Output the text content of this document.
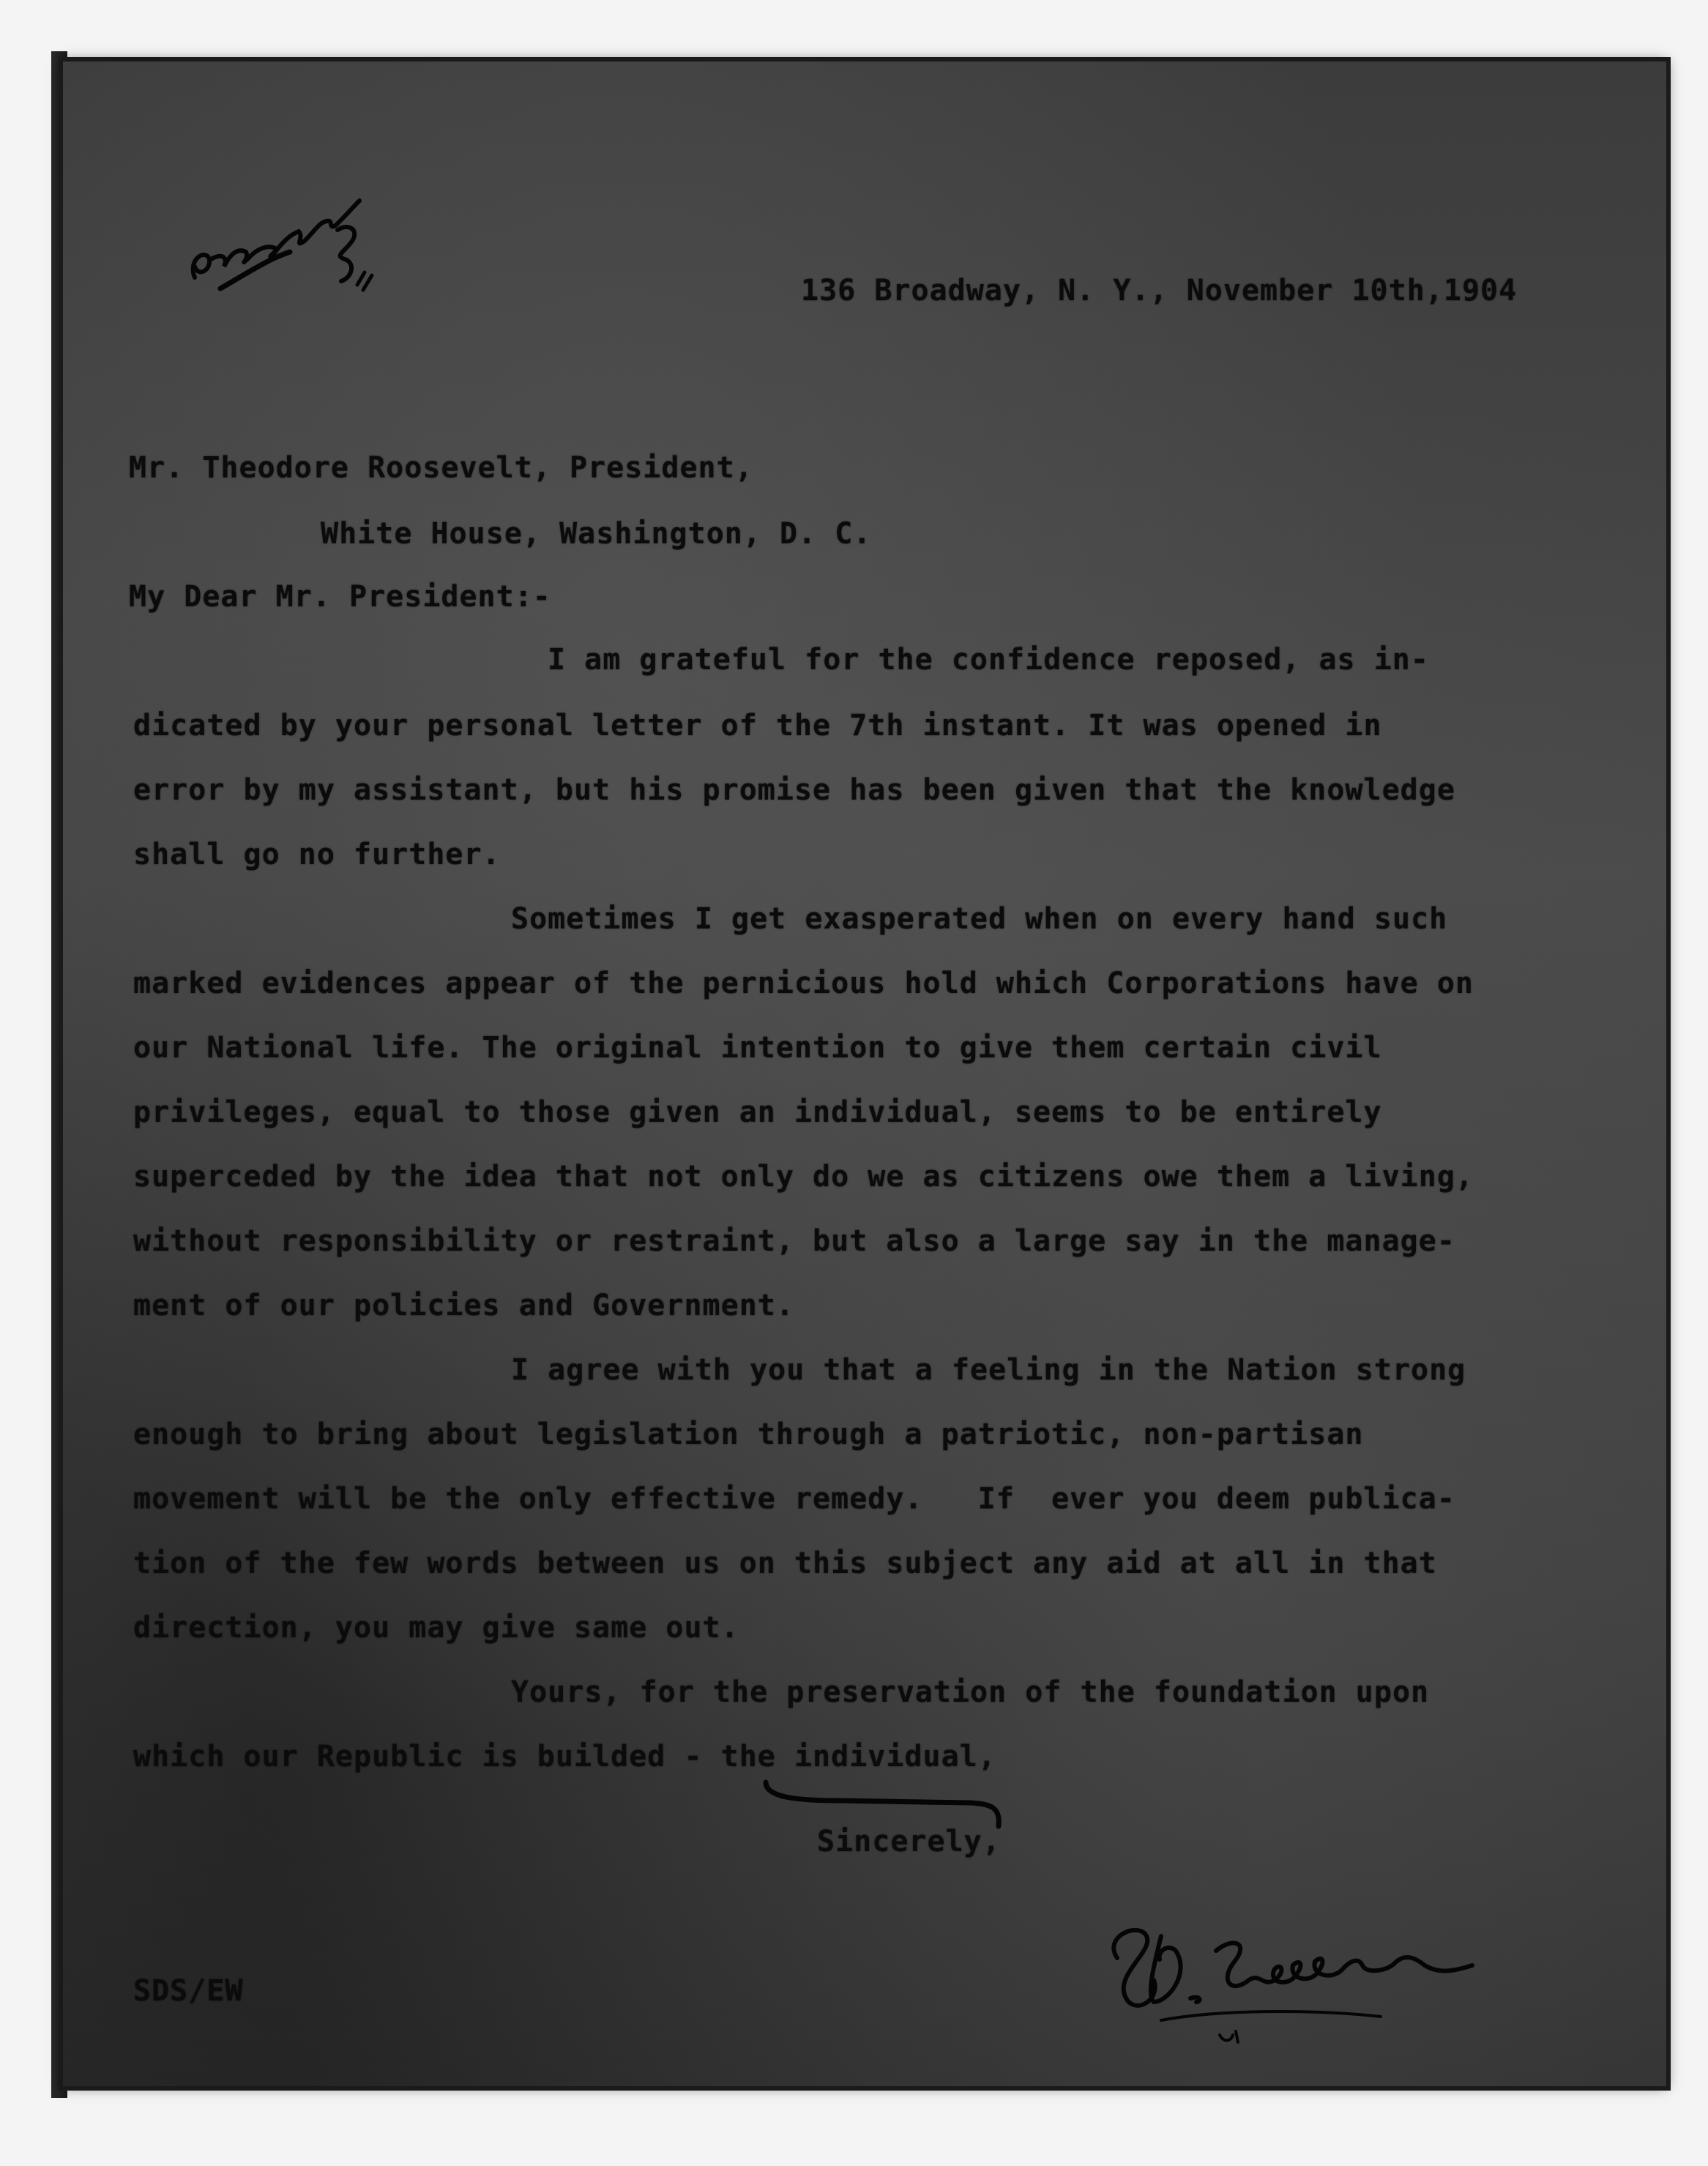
136 Broadway, N. Y., November 10th,1904
Mr. Theodore Roosevelt, President,
White House, Washington, D. C.
My Dear Mr. President:-
I am grateful for the confidence reposed, as in-
dicated by your personal letter of the 7th instant. It was opened in
error by my assistant, but his promise has been given that the knowledge
shall go no further.
Sometimes I get exasperated when on every hand such
marked evidences appear of the pernicious hold which Corporations have on
our National life. The original intention to give them certain civil
privileges, equal to those given an individual, seems to be entirely
superceded by the idea that not only do we as citizens owe them a living,
without responsibility or restraint, but also a large say in the manage-
ment of our policies and Government.
I agree with you that a feeling in the Nation strong
enough to bring about legislation through a patriotic, non-partisan
movement will be the only effective remedy.   If  ever you deem publica-
tion of the few words between us on this subject any aid at all in that
direction, you may give same out.
Yours, for the preservation of the foundation upon
which our Republic is builded - the individual,
Sincerely,
SDS/EW
